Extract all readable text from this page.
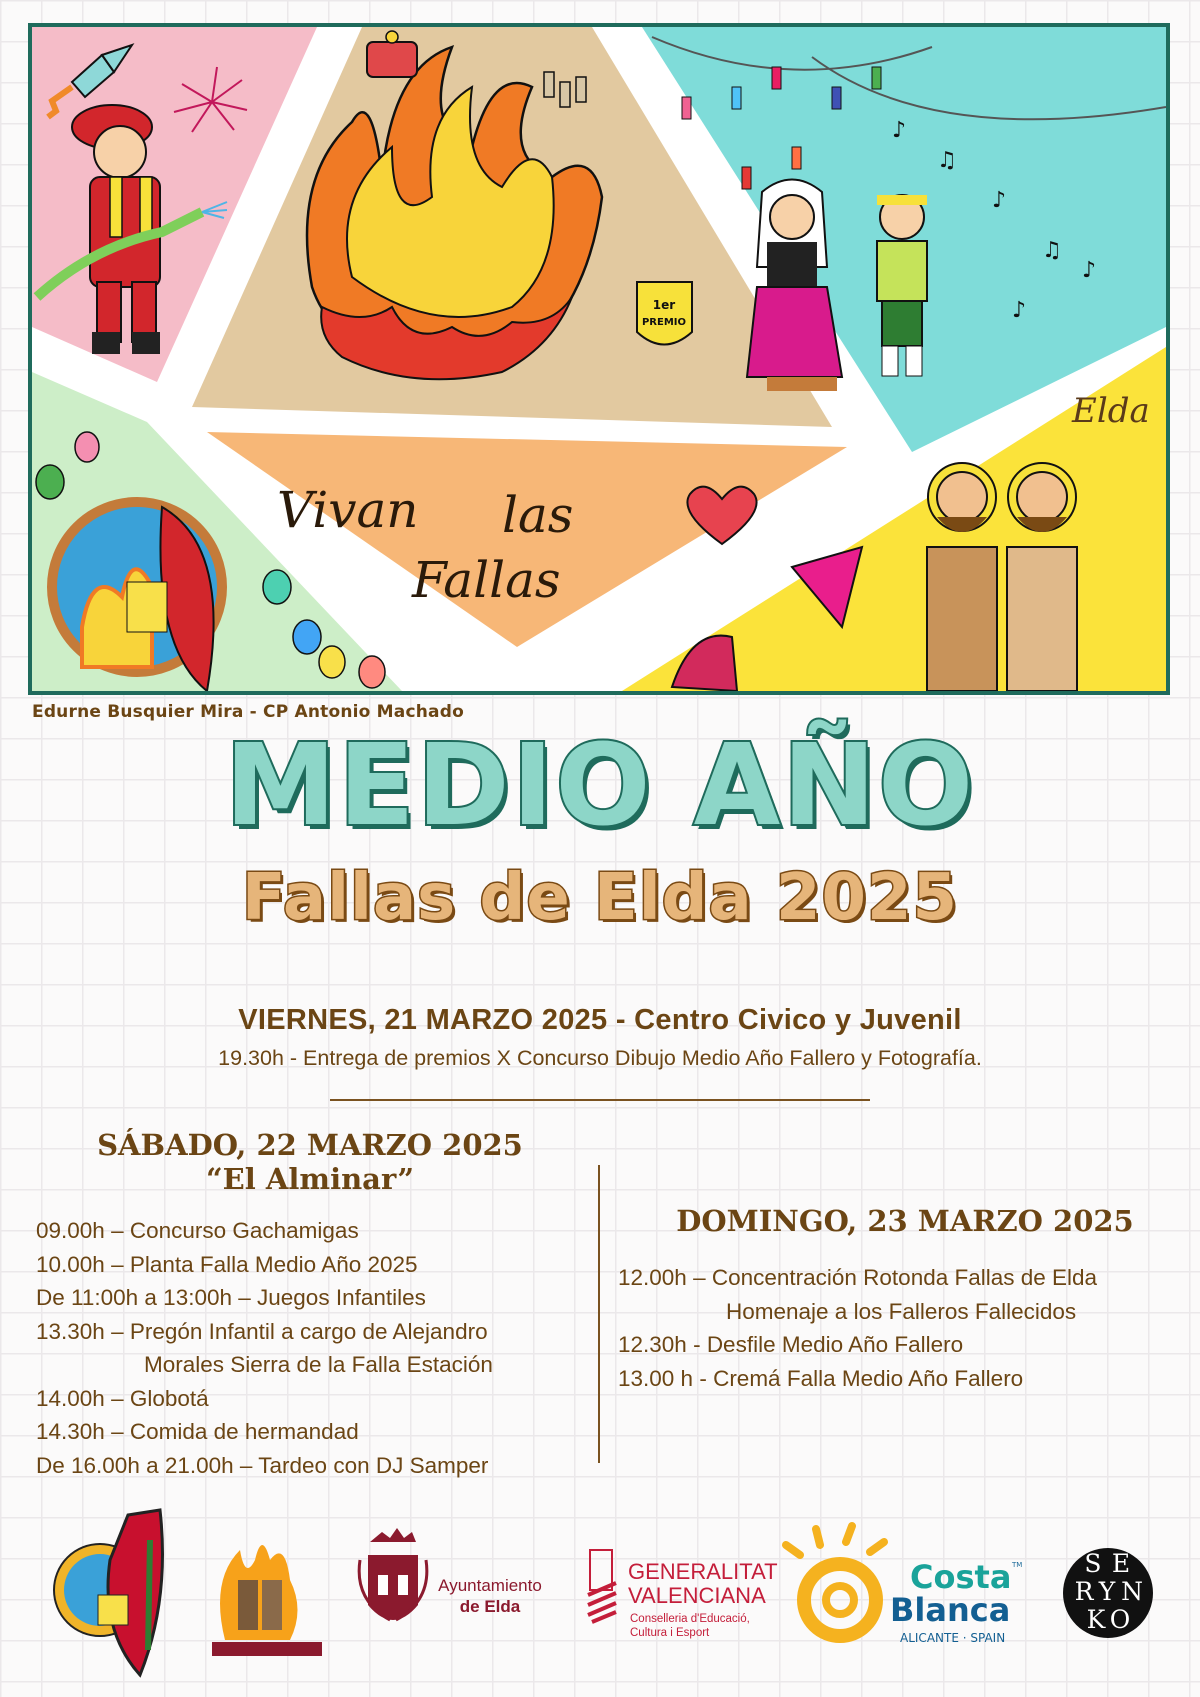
1er
PREMIO
♪
♫
♪
♫
♪
♪
Elda
Vivan las
Fallas
Edurne Busquier Mira - CP Antonio Machado
MEDIO AÑO
Fallas de Elda 2025
VIERNES, 21 MARZO 2025 - Centro Civico y Juvenil
19.30h - Entrega de premios X Concurso Dibujo Medio Año Fallero y Fotografía.
SÁBADO, 22 MARZO 2025
“El Alminar”
09.00h – Concurso Gachamigas
10.00h – Planta Falla Medio Año 2025
De 11:00h a 13:00h – Juegos Infantiles
13.30h – Pregón Infantil a cargo de Alejandro
Morales Sierra de la Falla Estación
14.00h – Globotá
14.30h – Comida de hermandad
De 16.00h a 21.00h – Tardeo con DJ Samper
DOMINGO, 23 MARZO 2025
12.00h – Concentración Rotonda Fallas de Elda
Homenaje a los Falleros Fallecidos
12.30h - Desfile Medio Año Fallero
13.00 h - Cremá Falla Medio Año Fallero
Ayuntamiento
de Elda
GENERALITAT
VALENCIANA
Conselleria d'Educació,
Cultura i Esport
Costa TM
Blanca
ALICANTE · SPAIN
S E
R Y N
K O
